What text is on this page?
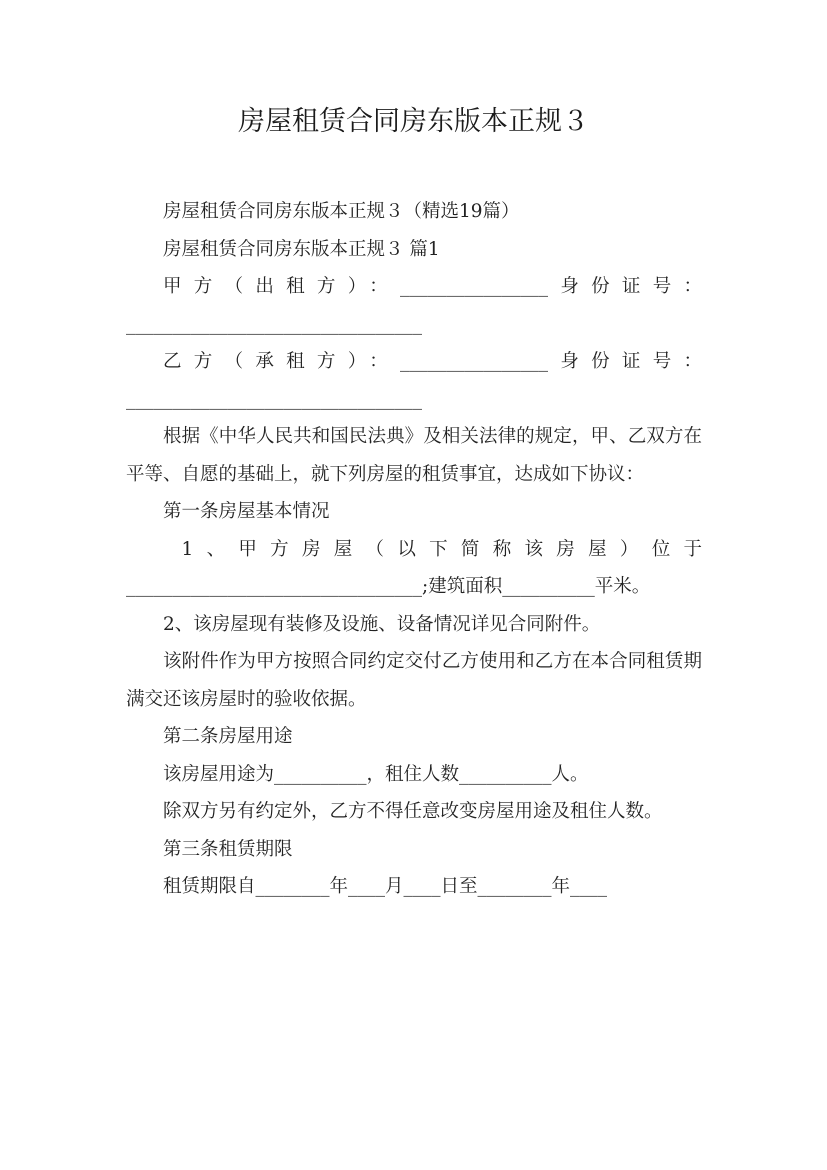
房屋租赁合同房东版本正规３

房屋租赁合同房东版本正规３（精选19篇）

房屋租赁合同房东版本正规３ 篇1

甲方（出租方）：________________身份证号：

________________________________

乙方（承租方）：________________身份证号：

________________________________

根据《中华人民共和国民法典》及相关法律的规定，甲、乙双方在平等、自愿的基础上，就下列房屋的租赁事宜，达成如下协议：

第一条房屋基本情况

1、甲方房屋（以下简称该房屋）位于

________________________________;建筑面积__________平米。

2、该房屋现有装修及设施、设备情况详见合同附件。

该附件作为甲方按照合同约定交付乙方使用和乙方在本合同租赁期满交还该房屋时的验收依据。

第二条房屋用途

该房屋用途为__________，租住人数__________人。

除双方另有约定外，乙方不得任意改变房屋用途及租住人数。

第三条租赁期限

租赁期限自________年____月____日至________年____
